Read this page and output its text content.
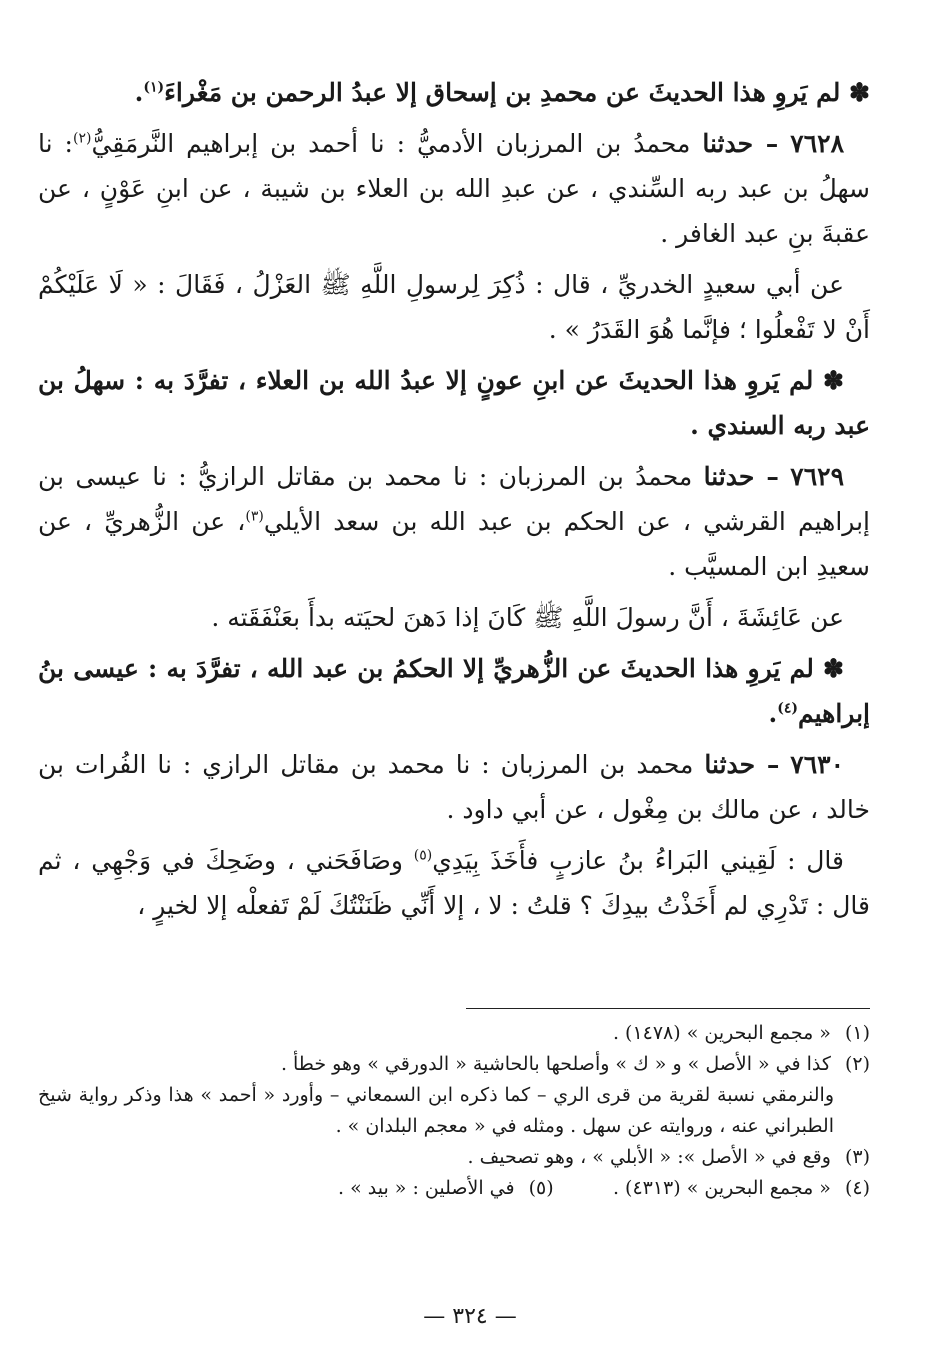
✽ لم يَروِ هذا الحديثَ عن محمدِ بن إسحاق إلا عبدُ الرحمن بن مَغْراءَ$^{(١)}$.

٧٦٢٨ – حدثنا محمدُ بن المرزبان الأدميُّ : نا أحمد بن إبراهيم النَّرمَقِيُّ$^{(٢)}$: نا سهلُ بن عبد ربه السِّندي ، عن عبدِ الله بن العلاء بن شيبة ، عن ابنِ عَوْنٍ ، عن عقبةَ بنِ عبد الغافر .

عن أبي سعيدٍ الخدريِّ ، قال : ذُكِرَ لِرسولِ اللَّهِ ﷺ العَزْلُ ، فَقَالَ : « لَا عَلَيْكُمْ أَنْ لا تَفْعلُوا ؛ فإنَّما هُوَ القَدَرُ » .

✽ لم يَروِ هذا الحديثَ عن ابنِ عونٍ إلا عبدُ الله بن العلاء ، تفرَّدَ به : سهلُ بن عبد ربه السندي .

٧٦٢٩ – حدثنا محمدُ بن المرزبان : نا محمد بن مقاتل الرازيُّ : نا عيسى بن إبراهيم القرشي ، عن الحكم بن عبد الله بن سعد الأيلي$^{(٣)}$، عن الزُّهريِّ ، عن سعيدِ ابن المسيَّب .

عن عَائِشَةَ ، أَنَّ رسولَ اللَّهِ ﷺ كَانَ إذا دَهنَ لحيَته بدأَ بعَنْفَقَته .

✽ لم يَروِ هذا الحديثَ عن الزُّهريِّ إلا الحكمُ بن عبد الله ، تفرَّدَ به : عيسى بنُ إبراهيم$^{(٤)}$.

٧٦٣٠ – حدثنا محمد بن المرزبان : نا محمد بن مقاتل الرازي : نا الفُرات بن خالد ، عن مالك بن مِغْول ، عن أبي داود .

قال : لَقِيني البَراءُ بنُ عازبٍ فأَخَذَ بِيَدِي$^{(٥)}$ وصَافَحَني ، وضَحِكَ في وَجْهِي ، ثم قال : تَدْرِي لم أَخَذْتُ بيدِكَ ؟ قلتُ : لا ، إلا أَنِّي ظَنَنْتُكَ لَمْ تَفعلْه إلا لخيرٍ ،

(١)
« مجمع البحرين » (١٤٧٨) .

(٢)
كذا في « الأصل » و « ك » وأصلحها بالحاشية « الدورقي » وهو خطأ .

والنرمقي نسبة لقرية من قرى الري – كما ذكره ابن السمعاني – وأورد « أحمد » هذا وذكر رواية شيخ الطبراني عنه ، وروايته عن سهل . ومثله في « معجم البلدان » .

(٣)
وقع في « الأصل »: « الأبلي » ، وهو تصحيف .

(٤)
« مجمع البحرين » (٤٣١٣) .
(٥)
في الأصلين : « بيد » .
— ٣٢٤ —
